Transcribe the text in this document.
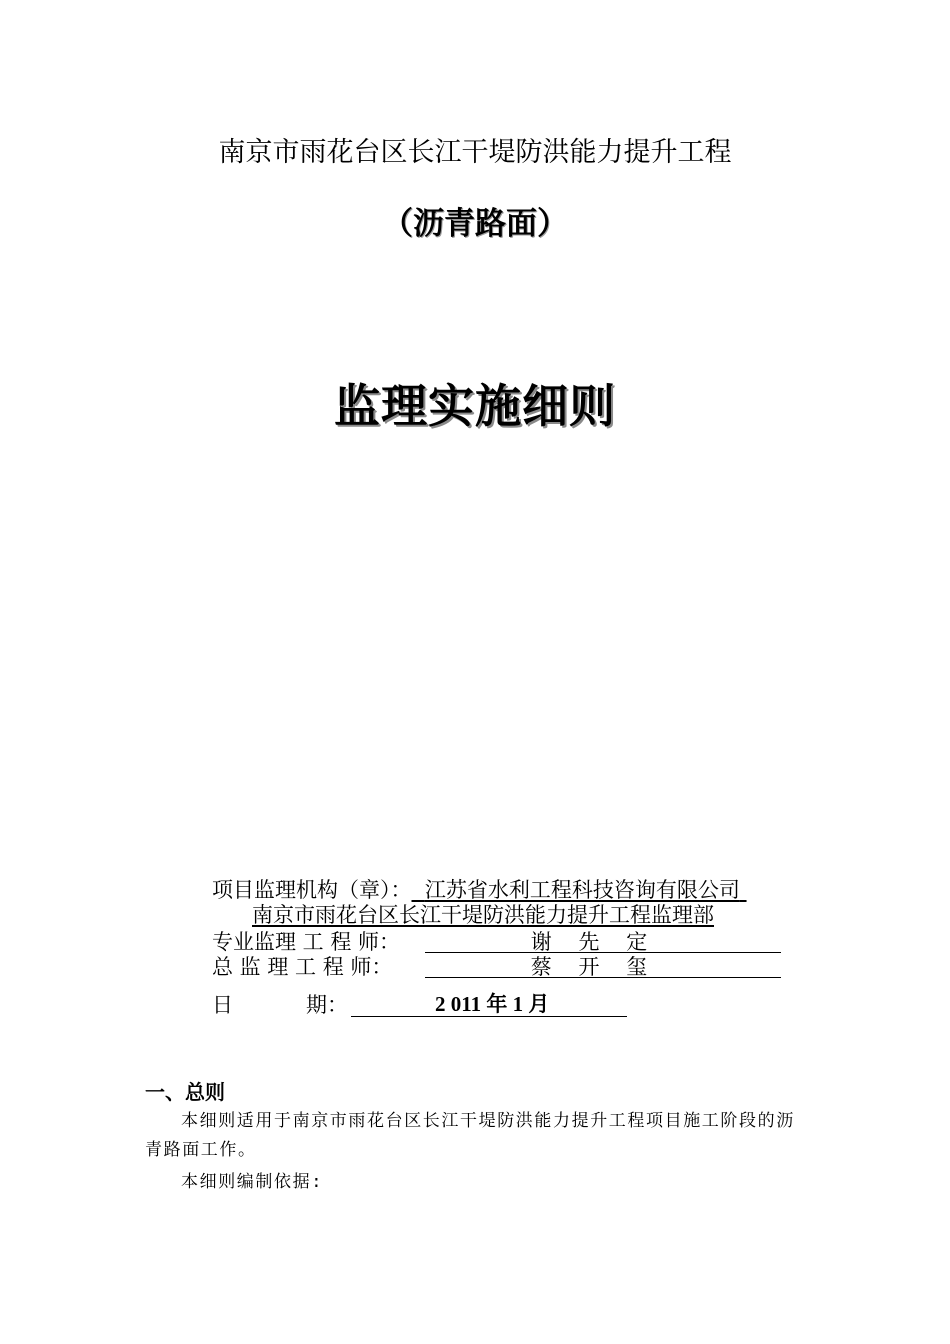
南京市雨花台区长江干堤防洪能力提升工程
（沥青路面）
监理实施细则
项目监理机构（章）： 江苏省水利工程科技咨询有限公司
南京市雨花台区长江干堤防洪能力提升工程监理部
专业监理 工 程 师：	谢    先    定
总 监 理 工 程 师：	蔡    开    玺
日	期：	2 011 年 1 月
一、总则
本细则适用于南京市雨花台区长江干堤防洪能力提升工程项目施工阶段的沥青路面工作。
本细则编制依据:
